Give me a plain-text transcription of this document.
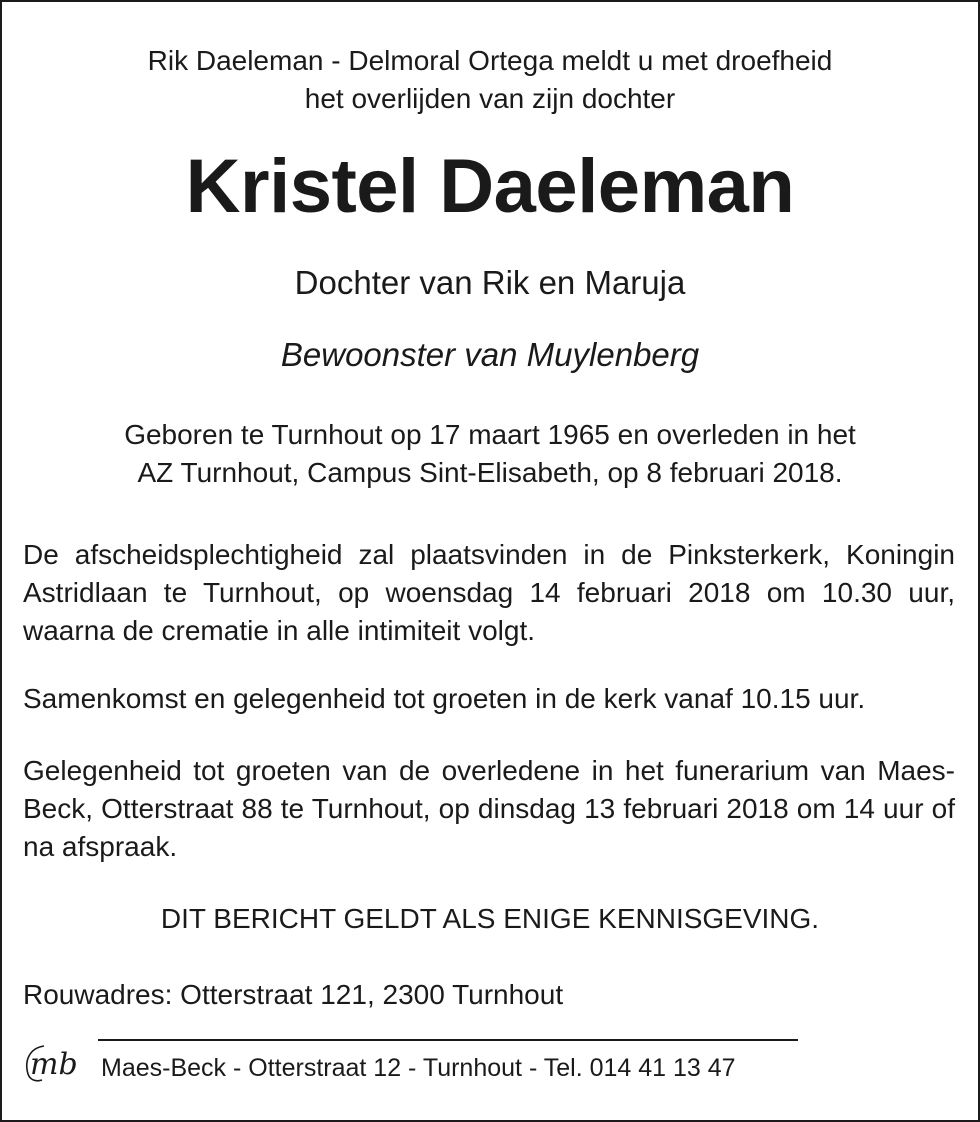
Rik Daeleman - Delmoral Ortega meldt u met droefheid
het overlijden van zijn dochter
Kristel Daeleman
Dochter van Rik en Maruja
Bewoonster van Muylenberg
Geboren te Turnhout op 17 maart 1965 en overleden in het
AZ Turnhout, Campus Sint-Elisabeth, op 8 februari 2018.

De afscheidsplechtigheid zal plaatsvinden in de Pinksterkerk, Koningin Astridlaan te Turnhout, op woensdag 14 februari 2018 om 10.30 uur, waarna de crematie in alle intimiteit volgt.

Samenkomst en gelegenheid tot groeten in de kerk vanaf 10.15 uur.

Gelegenheid tot groeten van de overledene in het funerarium van Maes-Beck, Otterstraat 88 te Turnhout, op dinsdag 13 februari 2018 om 14 uur of na afspraak.

DIT BERICHT GELDT ALS ENIGE KENNISGEVING.
Rouwadres: Otterstraat 121, 2300 Turnhout
mb Maes-Beck - Otterstraat 12 - Turnhout - Tel. 014 41 13 47
